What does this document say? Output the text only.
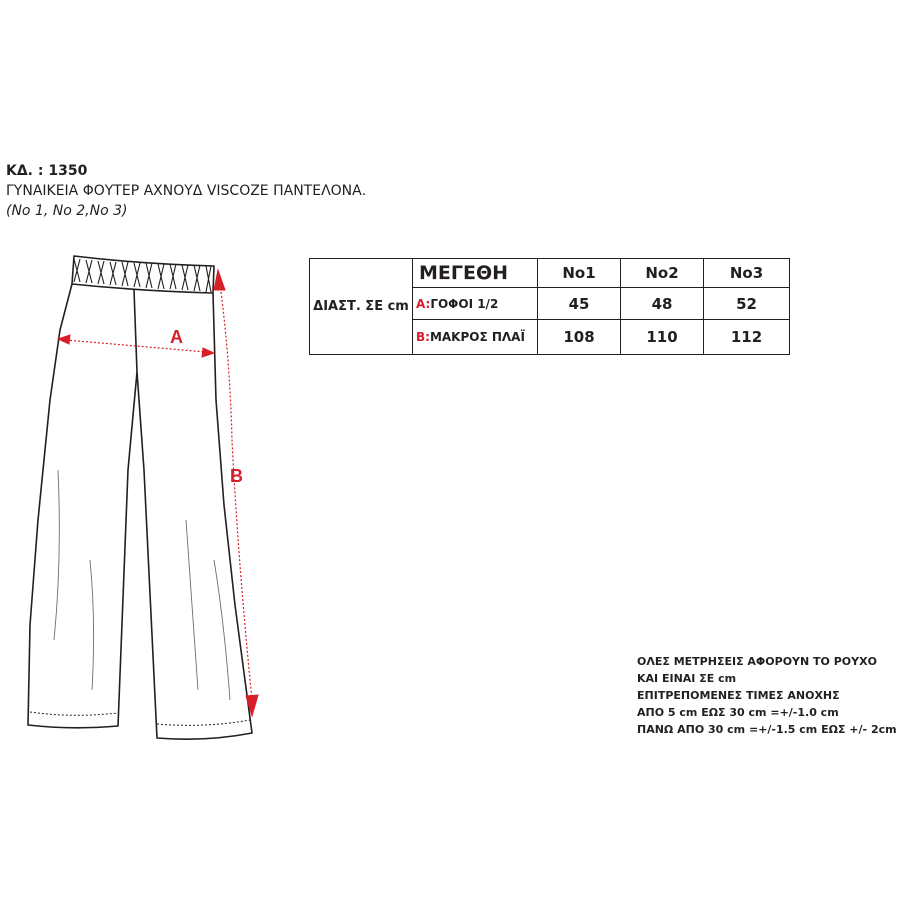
ΚΔ. : 1350
ΓΥΝΑΙΚΕΙΑ ΦΟΥΤΕΡ ΑΧΝΟΥΔ VISCOZE ΠΑΝΤΕΛΟΝΑ.
(No 1, No 2,No 3)
A
B
ΔΙΑΣΤ. ΣΕ cm	ΜΕΓΕΘΗ	No1	No2	No3
	A:ΓΟΦΟΙ 1/2	45	48	52
	B:ΜΑΚΡΟΣ ΠΛΑΪ	108	110	112
ΟΛΕΣ ΜΕΤΡΗΣΕΙΣ ΑΦΟΡΟΥΝ ΤΟ ΡΟΥΧΟ
ΚΑΙ ΕΙΝΑΙ ΣΕ cm
ΕΠΙΤΡΕΠΟΜΕΝΕΣ ΤΙΜΕΣ ΑΝΟΧΗΣ
ΑΠΟ 5 cm ΕΩΣ 30 cm =+/-1.0 cm
ΠΑΝΩ ΑΠΟ 30 cm =+/-1.5 cm ΕΩΣ +/- 2cm
